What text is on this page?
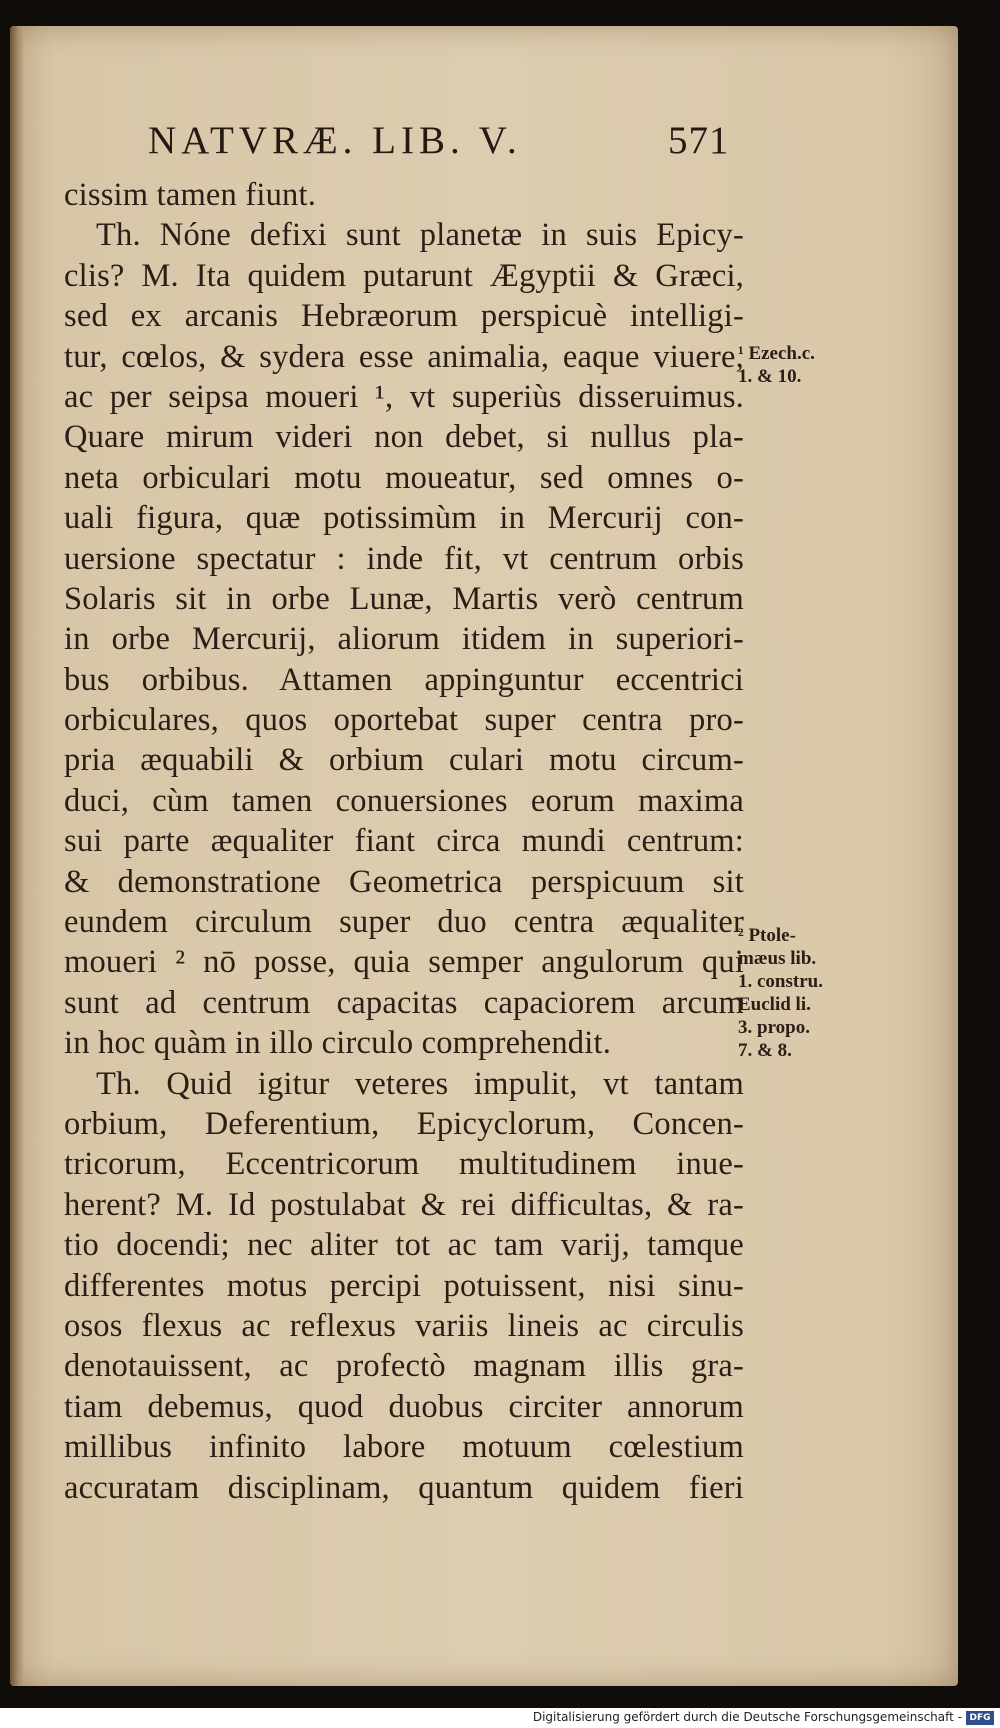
NATVRÆ. LIB. V.	571
cissim tamen fiunt.
Th. Nóne defixi sunt planetæ in suis Epicy-
clis? M. Ita quidem putarunt Ægyptii & Græci,
sed ex arcanis Hebræorum perspicuè intelligi-
tur, cœlos, & sydera esse animalia, eaque viuere,
ac per seipsa moueri ¹, vt superiùs disseruimus.
Quare mirum videri non debet, si nullus pla-
neta orbiculari motu moueatur, sed omnes o-
uali figura, quæ potissimùm in Mercurij con-
uersione spectatur : inde fit, vt centrum orbis
Solaris sit in orbe Lunæ, Martis verò centrum
in orbe Mercurij, aliorum itidem in superiori-
bus orbibus. Attamen appinguntur eccentrici
orbiculares, quos oportebat super centra pro-
pria æquabili & orbium culari motu circum-
duci, cùm tamen conuersiones eorum maxima
sui parte æqualiter fiant circa mundi centrum:
& demonstratione Geometrica perspicuum sit
eundem circulum super duo centra æqualiter
moueri ² nō posse, quia semper angulorum qui
sunt ad centrum capacitas capaciorem arcum
in hoc quàm in illo circulo comprehendit.
Th. Quid igitur veteres impulit, vt tantam
orbium, Deferentium, Epicyclorum, Concen-
tricorum, Eccentricorum multitudinem inue-
herent? M. Id postulabat & rei difficultas, & ra-
tio docendi; nec aliter tot ac tam varij, tamque
differentes motus percipi potuissent, nisi sinu-
osos flexus ac reflexus variis lineis ac circulis
denotauissent, ac profectò magnam illis gra-
tiam debemus, quod duobus circiter annorum
millibus infinito labore motuum cœlestium
accuratam disciplinam, quantum quidem fieri
¹ Ezech.c.
1. & 10.
² Ptole-
mæus lib.
1. constru.
Euclid li.
3. propo.
7. & 8.
Digitalisierung gefördert durch die Deutsche Forschungsgemeinschaft - DFG
